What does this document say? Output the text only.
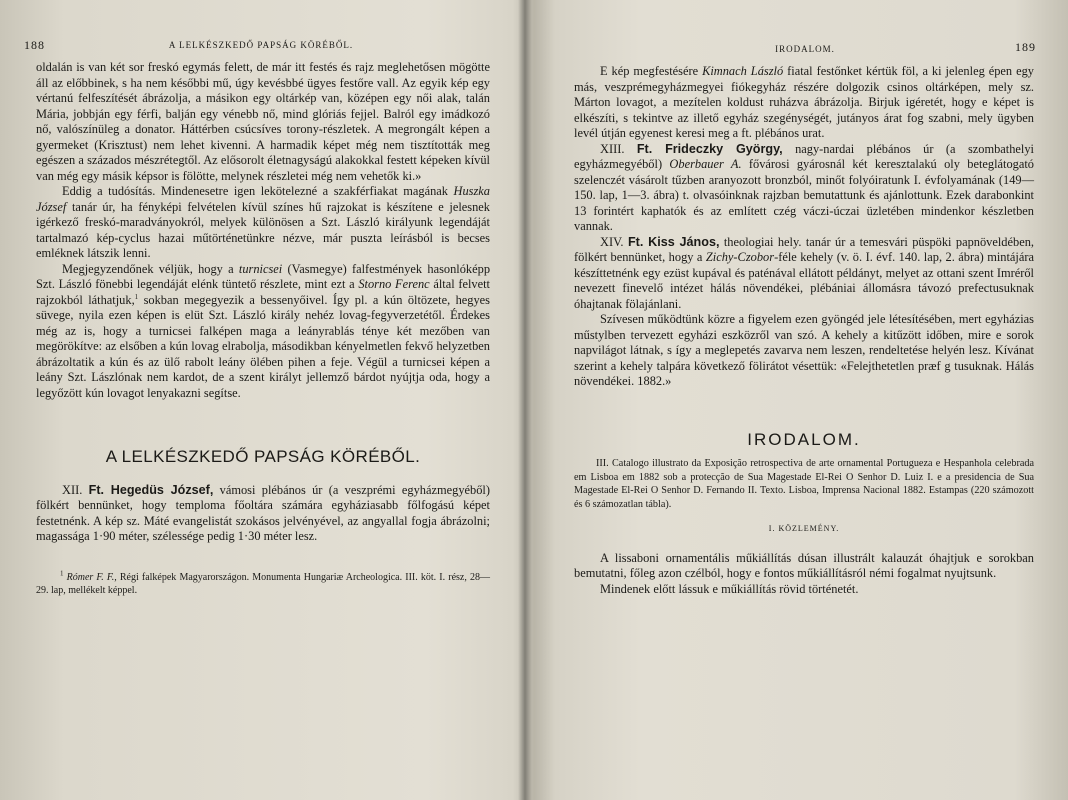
188	A LELKÉSZKEDŐ PAPSÁG KÖRÉBŐL.

oldalán is van két sor freskó egymás felett, de már itt festés és rajz meglehetősen mögötte áll az előbbinek, s ha nem későbbi mű, úgy kevésbbé ügyes festőre vall. Az egyik kép egy vértanú felfeszítését ábrázolja, a másikon egy oltárkép van, középen egy női alak, talán Mária, jobbján egy férfi, balján egy vénebb nő, mind glóriás fejjel. Balról egy imádkozó nő, valószínüleg a donator. Háttérben csúcsíves torony-részletek. A megrongált képen a gyermeket (Krisztust) nem lehet kivenni. A harmadik képet még nem tisztították meg egészen a százados mészrétegtől. Az elősorolt életnagyságú alakokkal festett képeken kívül van még egy másik képsor is fölötte, melynek részletei még nem vehetők ki.»

Eddig a tudósítás. Mindenesetre igen lekötelezné a szakférfiakat magának Huszka József tanár úr, ha fényképi felvételen kívül színes hű rajzokat is készítene e jelesnek igérkező freskó-maradványokról, melyek különösen a Szt. László királyunk legendáját tartalmazó kép-cyclus hazai műtörténetünkre nézve, már puszta leírásból is becses emléknek látszik lenni.

Megjegyzendőnek véljük, hogy a turnicsei (Vasmegye) falfestmények hasonlóképp Szt. László fönebbi legendáját elénk tüntető részlete, mint ezt a Storno Ferenc által felvett rajzokból láthatjuk,$^1$ sokban megegyezik a bessenyőivel. Így pl. a kún öltözete, hegyes süvege, nyila ezen képen is elüt Szt. László király nehéz lovag-fegyverzetétől. Érdekes még az is, hogy a turnicsei falképen maga a leányrablás ténye két mezőben van megörökítve: az elsőben a kún lovag elrabolja, másodikban kényelmetlen fekvő helyzetben ábrázoltatik a kún és az ülő rabolt leány ölében pihen a feje. Végül a turnicsei képen a leány Szt. Lászlónak nem kardot, de a szent királyt jellemző bárdot nyújtja oda, hogy a legyőzött kún lovagot lenyakazni segítse.

A LELKÉSZKEDŐ PAPSÁG KÖRÉBŐL.

XII. Ft. Hegedüs József, vámosi plébános úr (a veszprémi egyházmegyéből) fölkért bennünket, hogy temploma főoltára számára egyháziasabb főlfogású képet festetnénk. A kép sz. Máté evangelistát szokásos jelvényével, az angyallal fogja ábrázolni; magassága 1·90 méter, szélessége pedig 1·30 méter lesz.

$^1$ Rómer F. F., Régi falképek Magyarországon. Monumenta Hungariæ Archeologica. III. köt. I. rész, 28—29. lap, mellékelt képpel.

IRODALOM.	189

E kép megfestésére Kimnach László fiatal festőnket kértük föl, a ki jelenleg épen egy más, veszprémegyházmegyei fiókegyház részére dolgozik csinos oltárképen, mely sz. Márton lovagot, a mezítelen koldust ruházva ábrázolja. Birjuk igéretét, hogy e képet is elkészíti, s tekintve az illető egyház szegénységét, jutányos árat fog szabni, mely ügyben levél útján egyenest keresi meg a ft. plébános urat.

XIII. Ft. Frideczky György, nagy-nardai plébános úr (a szombathelyi egyházmegyéből) Oberbauer A. fővárosi gyárosnál két keresztalakú oly beteglátogató szelenczét vásárolt tűzben aranyozott bronzból, minőt folyóiratunk I. évfolyamának (149—150. lap, 1—3. ábra) t. olvasóinknak rajzban bemutattunk és ajánlottunk. Ezek darabonkint 13 forintért kaphatók és az említett czég váczi-úczai üzletében mindenkor készletben vannak.

XIV. Ft. Kiss János, theologiai hely. tanár úr a temesvári püspöki papnöveldében, fölkért bennünket, hogy a Zichy-Czobor-féle kehely (v. ö. I. évf. 140. lap, 2. ábra) mintájára készíttetnénk egy ezüst kupával és paténával ellátott példányt, melyet az ottani szent Imréről nevezett finevelő intézet hálás növendékei, plébániai állomásra távozó prefectusuknak óhajtanak fölajánlani.

Szívesen működtünk közre a figyelem ezen gyöngéd jele létesítésében, mert egyházias műstylben tervezett egyházi eszközről van szó. A kehely a kitűzött időben, mire e sorok napvilágot látnak, s így a meglepetés zavarva nem leszen, rendeltetése helyén lesz. Kívánat szerint a kehely talpára következő fölirátot vésettük: «Felejthetetlen præf g tusuknak. Hálás növendékei. 1882.»

IRODALOM.

III. Catalogo illustrato da Exposição retrospectiva de arte ornamental Portugueza e Hespanhola celebrada em Lisboa em 1882 sob a protecção de Sua Magestade El-Rei O Senhor D. Luiz I. e a presidencia de Sua Magestade El-Rei O Senhor D. Fernando II. Texto. Lisboa, Imprensa Nacional 1882. Estampas (220 számozott és 6 számozatlan tábla).

I. KÖZLEMÉNY.

A lissaboni ornamentális műkiállítás dúsan illustrált kalauzát óhajtjuk e sorokban bemutatni, főleg azon czélból, hogy e fontos műkiállításról némi fogalmat nyujtsunk.

Mindenek előtt lássuk e műkiállítás rövid történetét.
